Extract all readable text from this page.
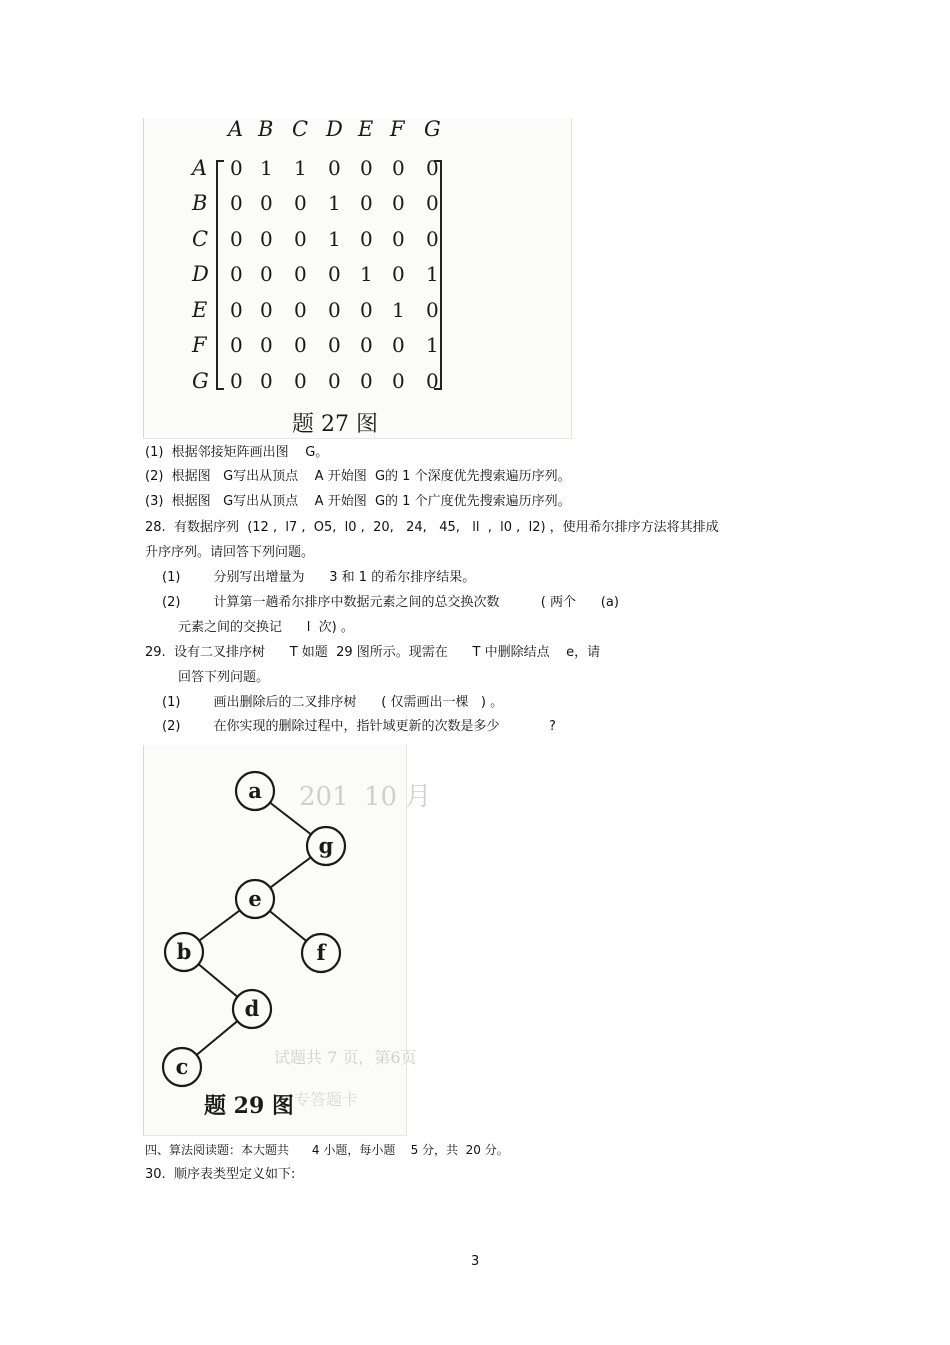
A B C D E F G
A
B
C
D
E
F
G
0 1 1 0 0 0 0
0 0 0 1 0 0 0
0 0 0 1 0 0 0
0 0 0 0 1 0 1
0 0 0 0 0 1 0
0 0 0 0 0 0 1
0 0 0 0 0 0 0
题 27 图
(1)  根据邻接矩阵画出图    G。
(2)  根据图   G写出从顶点    A 开始图  G的 1 个深度优先搜索遍历序列。
(3)  根据图   G写出从顶点    A 开始图  G的 1 个广度优先搜索遍历序列。
28.  有数据序列  (12 ,  l7 ,  O5,  l0 ,  20,   24,   45,   ll  ,  l0 ,  l2) ，使用希尔排序方法将其排成
升序序列。请回答下列问题。
(1)        分别写出增量为      3 和 1 的希尔排序结果。
(2)        计算第一趟希尔排序中数据元素之间的总交换次数          ( 两个      (a)
元素之间的交换记      l  次) 。
29.  设有二叉排序树      T 如题  29 图所示。现需在      T 中删除结点    e，请
回答下列问题。
(1)        画出删除后的二叉排序树      ( 仅需画出一棵   ) 。
(2)        在你实现的删除过程中，指针域更新的次数是多少            ?
201 10 月
试题共 7 页，第6页
专答题卡
a
g
e
b	f
d
c
题 29 图
四、算法阅读题：本大题共      4 小题，每小题    5 分，共  20 分。
30.  顺序表类型定义如下:
3
